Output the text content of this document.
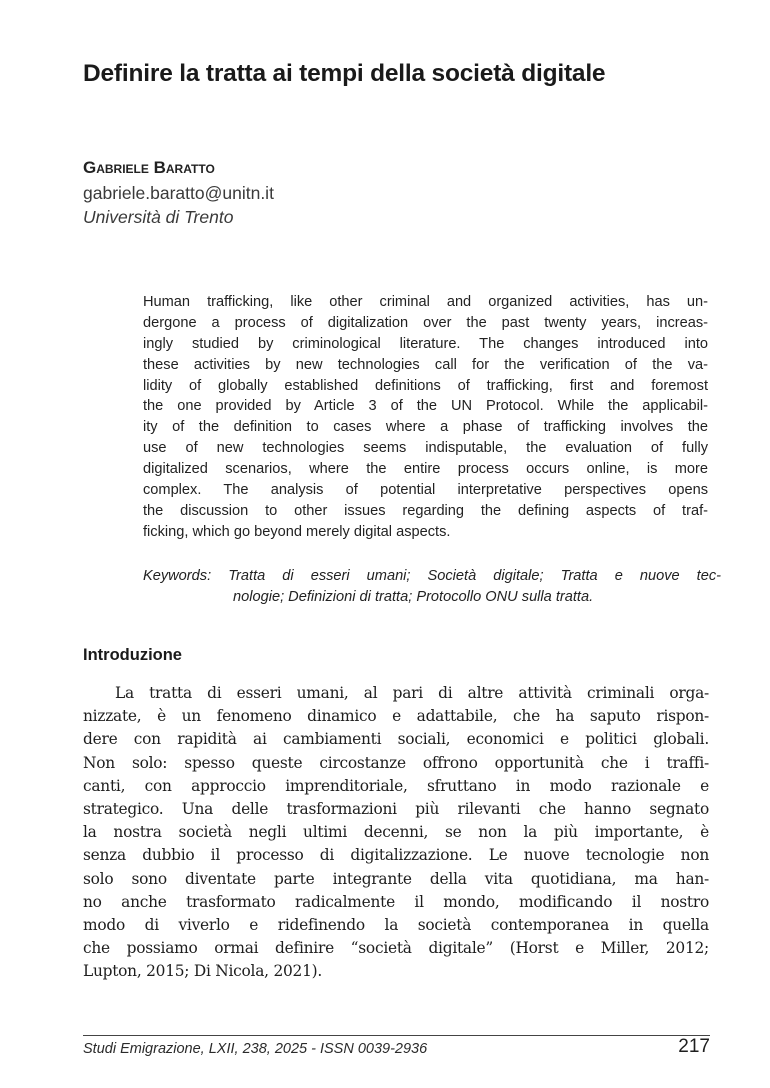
Definire la tratta ai tempi della società digitale
Gabriele Baratto
gabriele.baratto@unitn.it
Università di Trento
Human trafficking, like other criminal and organized activities, has un-
dergone a process of digitalization over the past twenty years, increas-
ingly studied by criminological literature. The changes introduced into
these activities by new technologies call for the verification of the va-
lidity of globally established definitions of trafficking, first and foremost
the one provided by Article 3 of the UN Protocol. While the applicabil-
ity of the definition to cases where a phase of trafficking involves the
use of new technologies seems indisputable, the evaluation of fully
digitalized scenarios, where the entire process occurs online, is more
complex. The analysis of potential interpretative perspectives opens
the discussion to other issues regarding the defining aspects of traf-
ficking, which go beyond merely digital aspects.
Keywords: Tratta di esseri umani; Società digitale; Tratta e nuove tec-
nologie; Definizioni di tratta; Protocollo ONU sulla tratta.
Introduzione
La tratta di esseri umani, al pari di altre attività criminali orga-
nizzate, è un fenomeno dinamico e adattabile, che ha saputo rispon-
dere con rapidità ai cambiamenti sociali, economici e politici globali.
Non solo: spesso queste circostanze offrono opportunità che i traffi-
canti, con approccio imprenditoriale, sfruttano in modo razionale e
strategico. Una delle trasformazioni più rilevanti che hanno segnato
la nostra società negli ultimi decenni, se non la più importante, è
senza dubbio il processo di digitalizzazione. Le nuove tecnologie non
solo sono diventate parte integrante della vita quotidiana, ma han-
no anche trasformato radicalmente il mondo, modificando il nostro
modo di viverlo e ridefinendo la società contemporanea in quella
che possiamo ormai definire “società digitale” (Horst e Miller, 2012;
Lupton, 2015; Di Nicola, 2021).
Studi Emigrazione, LXII, 238, 2025 - ISSN 0039-2936	217
